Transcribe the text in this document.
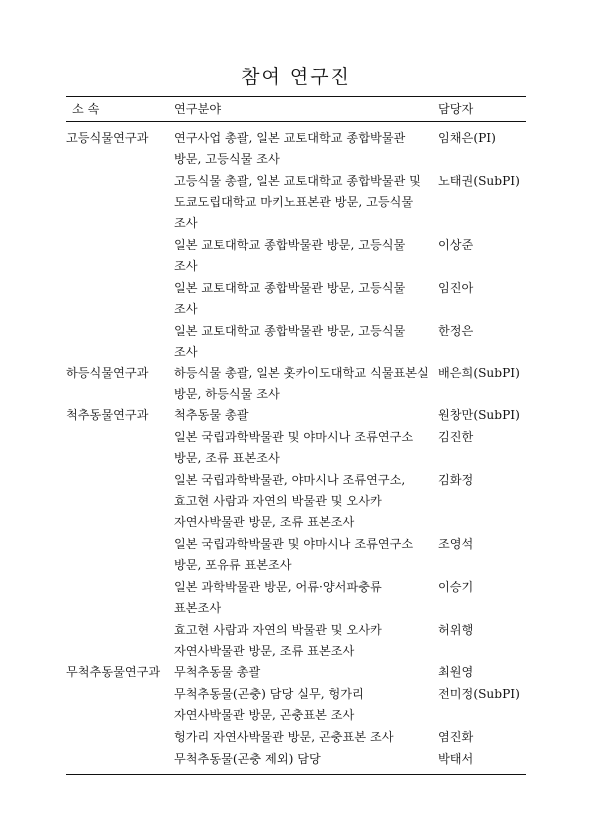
참여 연구진
소 속	연구분야	담당자
고등식물연구과	연구사업 총괄, 일본 교토대학교 종합박물관 방문, 고등식물 조사	임채은(PI)
	고등식물 총괄, 일본 교토대학교 종합박물관 및 도쿄도립대학교 마키노표본관 방문, 고등식물 조사	노태권(SubPI)
	일본 교토대학교 종합박물관 방문, 고등식물 조사	이상준
	일본 교토대학교 종합박물관 방문, 고등식물 조사	임진아
	일본 교토대학교 종합박물관 방문, 고등식물 조사	한정은
하등식물연구과	하등식물 총괄, 일본 홋카이도대학교 식물표본실 방문, 하등식물 조사	배은희(SubPI)
척추동물연구과	척추동물 총괄	원창만(SubPI)
	일본 국립과학박물관 및 야마시나 조류연구소 방문, 조류 표본조사	김진한
	일본 국립과학박물관, 야마시나 조류연구소, 효고현 사람과 자연의 박물관 및 오사카 자연사박물관 방문, 조류 표본조사	김화정
	일본 국립과학박물관 및 야마시나 조류연구소 방문, 포유류 표본조사	조영석
	일본 과학박물관 방문, 어류·양서파충류 표본조사	이승기
	효고현 사람과 자연의 박물관 및 오사카 자연사박물관 방문, 조류 표본조사	허위행
무척추동물연구과	무척추동물 총괄	최원영
	무척추동물(곤충) 담당 실무, 헝가리 자연사박물관 방문, 곤충표본 조사	전미정(SubPI)
	헝가리 자연사박물관 방문, 곤충표본 조사	염진화
	무척추동물(곤충 제외) 담당	박태서
